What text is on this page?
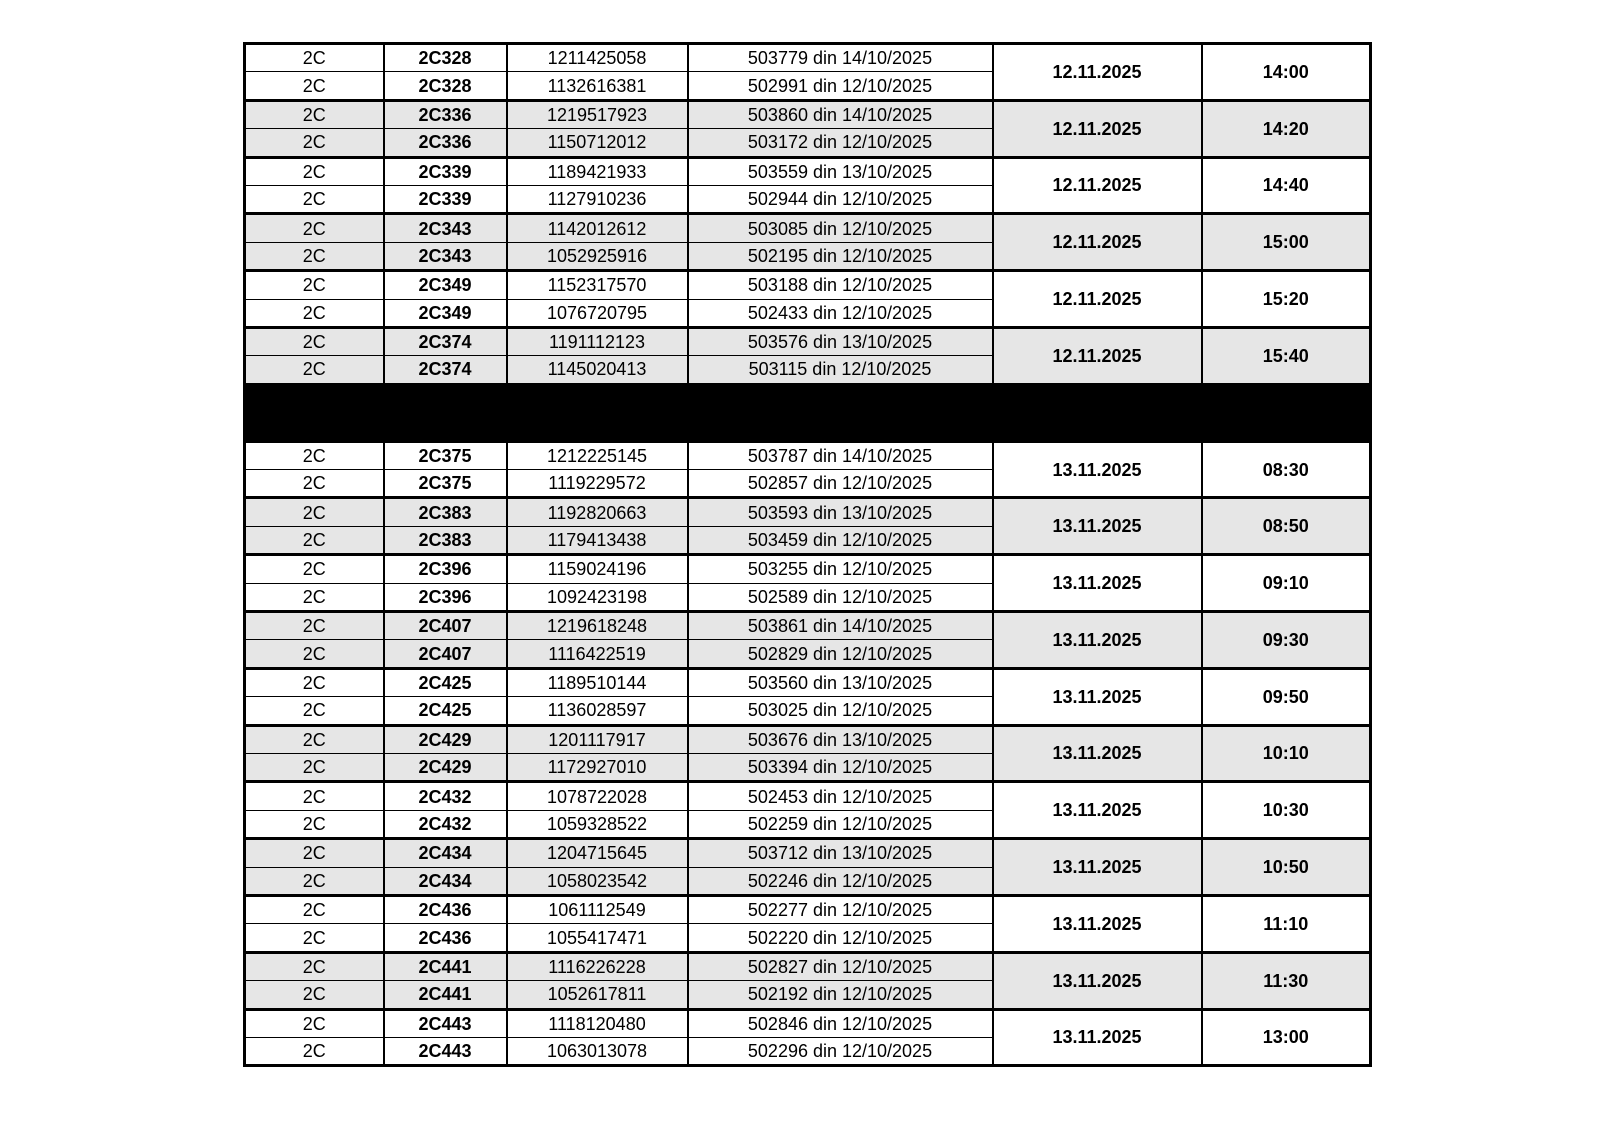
2C	2C328	1211425058	503779 din 14/10/2025	12.11.2025	14:00
2C	2C328	1132616381	502991 din 12/10/2025		
2C	2C336	1219517923	503860 din 14/10/2025	12.11.2025	14:20
2C	2C336	1150712012	503172 din 12/10/2025		
2C	2C339	1189421933	503559 din 13/10/2025	12.11.2025	14:40
2C	2C339	1127910236	502944 din 12/10/2025		
2C	2C343	1142012612	503085 din 12/10/2025	12.11.2025	15:00
2C	2C343	1052925916	502195 din 12/10/2025		
2C	2C349	1152317570	503188 din 12/10/2025	12.11.2025	15:20
2C	2C349	1076720795	502433 din 12/10/2025		
2C	2C374	1191112123	503576 din 13/10/2025	12.11.2025	15:40
2C	2C374	1145020413	503115 din 12/10/2025		

2C	2C375	1212225145	503787 din 14/10/2025	13.11.2025	08:30
2C	2C375	1119229572	502857 din 12/10/2025		
2C	2C383	1192820663	503593 din 13/10/2025	13.11.2025	08:50
2C	2C383	1179413438	503459 din 12/10/2025		
2C	2C396	1159024196	503255 din 12/10/2025	13.11.2025	09:10
2C	2C396	1092423198	502589 din 12/10/2025		
2C	2C407	1219618248	503861 din 14/10/2025	13.11.2025	09:30
2C	2C407	1116422519	502829 din 12/10/2025		
2C	2C425	1189510144	503560 din 13/10/2025	13.11.2025	09:50
2C	2C425	1136028597	503025 din 12/10/2025		
2C	2C429	1201117917	503676 din 13/10/2025	13.11.2025	10:10
2C	2C429	1172927010	503394 din 12/10/2025		
2C	2C432	1078722028	502453 din 12/10/2025	13.11.2025	10:30
2C	2C432	1059328522	502259 din 12/10/2025		
2C	2C434	1204715645	503712 din 13/10/2025	13.11.2025	10:50
2C	2C434	1058023542	502246 din 12/10/2025		
2C	2C436	1061112549	502277 din 12/10/2025	13.11.2025	11:10
2C	2C436	1055417471	502220 din 12/10/2025		
2C	2C441	1116226228	502827 din 12/10/2025	13.11.2025	11:30
2C	2C441	1052617811	502192 din 12/10/2025		
2C	2C443	1118120480	502846 din 12/10/2025	13.11.2025	13:00
2C	2C443	1063013078	502296 din 12/10/2025		
